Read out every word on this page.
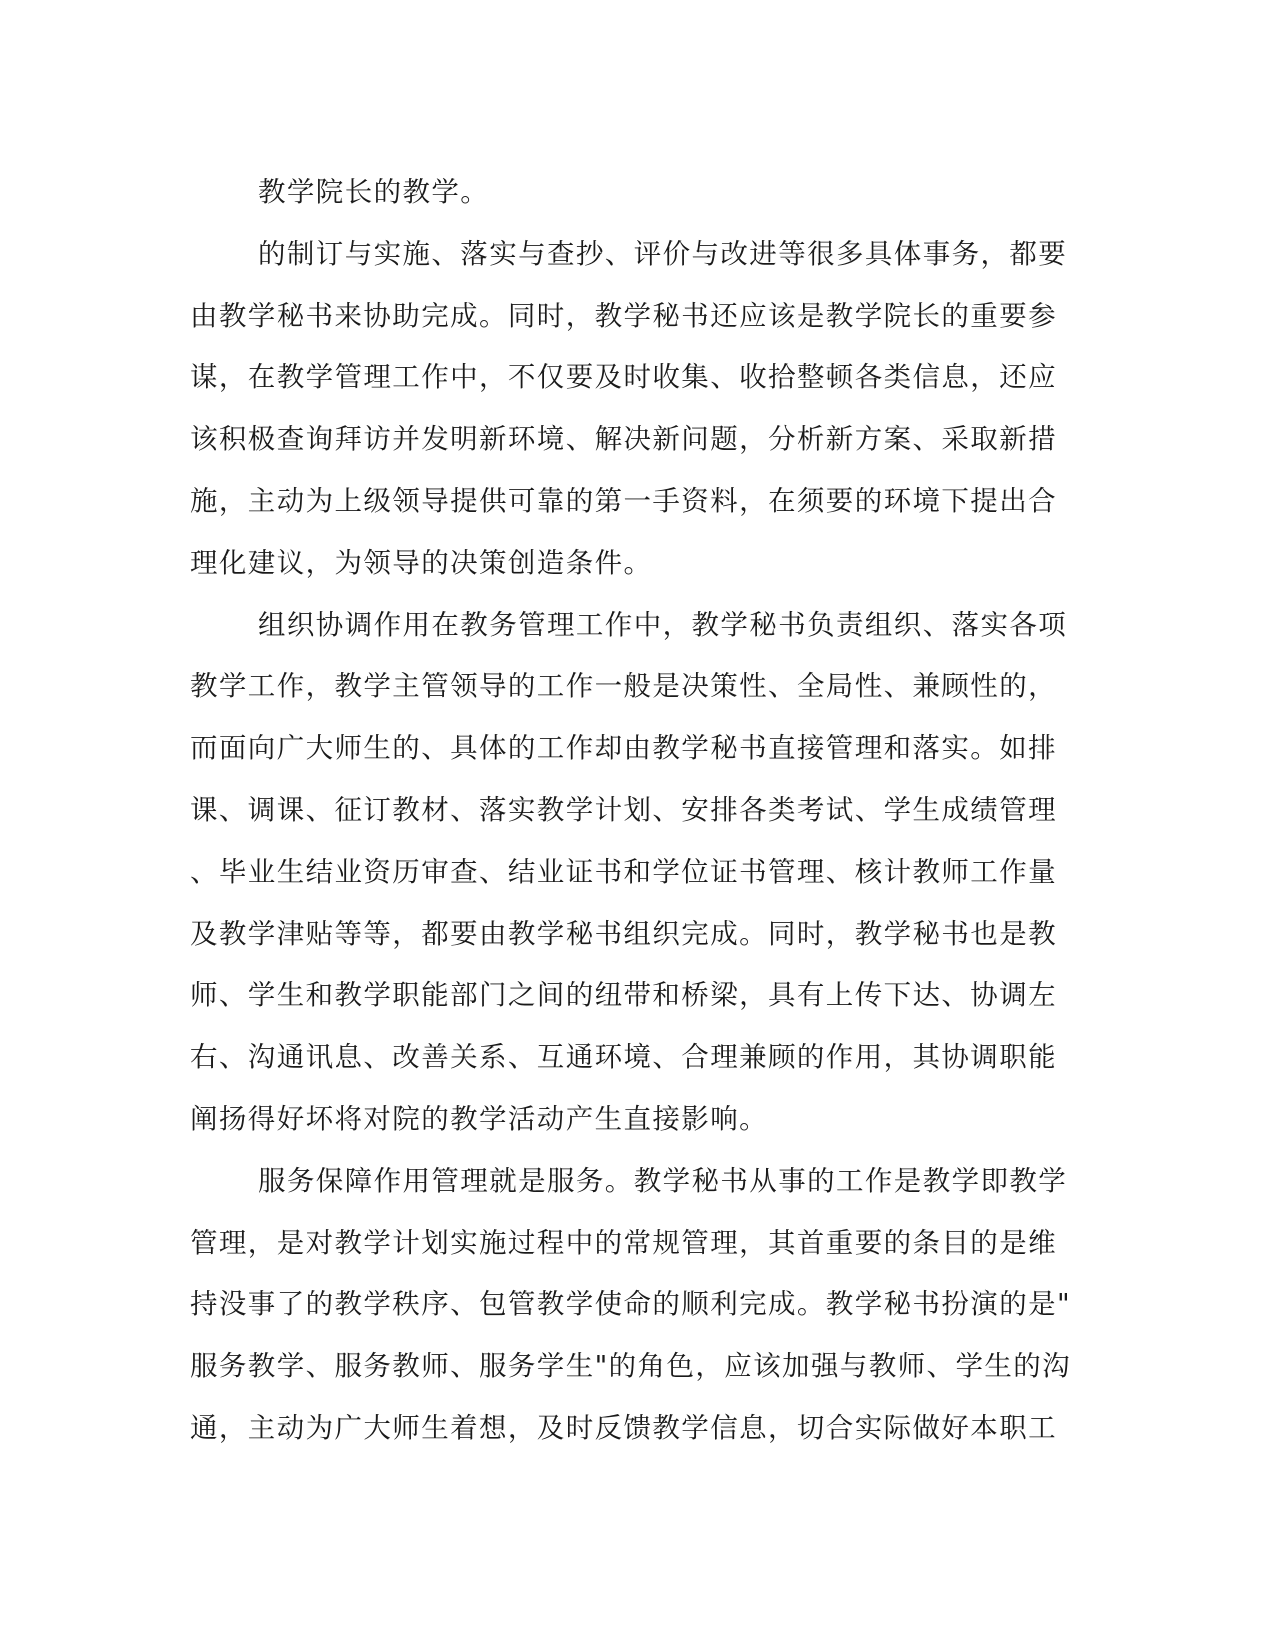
教学院长的教学。

的制订与实施、落实与查抄、评价与改进等很多具体事务，都要
由教学秘书来协助完成。同时，教学秘书还应该是教学院长的重要参
谋，在教学管理工作中，不仅要及时收集、收拾整顿各类信息，还应
该积极查询拜访并发明新环境、解决新问题，分析新方案、采取新措
施，主动为上级领导提供可靠的第一手资料，在须要的环境下提出合
理化建议，为领导的决策创造条件。

组织协调作用在教务管理工作中，教学秘书负责组织、落实各项
教学工作，教学主管领导的工作一般是决策性、全局性、兼顾性的，
而面向广大师生的、具体的工作却由教学秘书直接管理和落实。如排
课、调课、征订教材、落实教学计划、安排各类考试、学生成绩管理
、毕业生结业资历审查、结业证书和学位证书管理、核计教师工作量
及教学津贴等等，都要由教学秘书组织完成。同时，教学秘书也是教
师、学生和教学职能部门之间的纽带和桥梁，具有上传下达、协调左
右、沟通讯息、改善关系、互通环境、合理兼顾的作用，其协调职能
阐扬得好坏将对院的教学活动产生直接影响。

服务保障作用管理就是服务。教学秘书从事的工作是教学即教学
管理，是对教学计划实施过程中的常规管理，其首重要的条目的是维
持没事了的教学秩序、包管教学使命的顺利完成。教学秘书扮演的是"
服务教学、服务教师、服务学生"的角色，应该加强与教师、学生的沟
通，主动为广大师生着想，及时反馈教学信息，切合实际做好本职工
